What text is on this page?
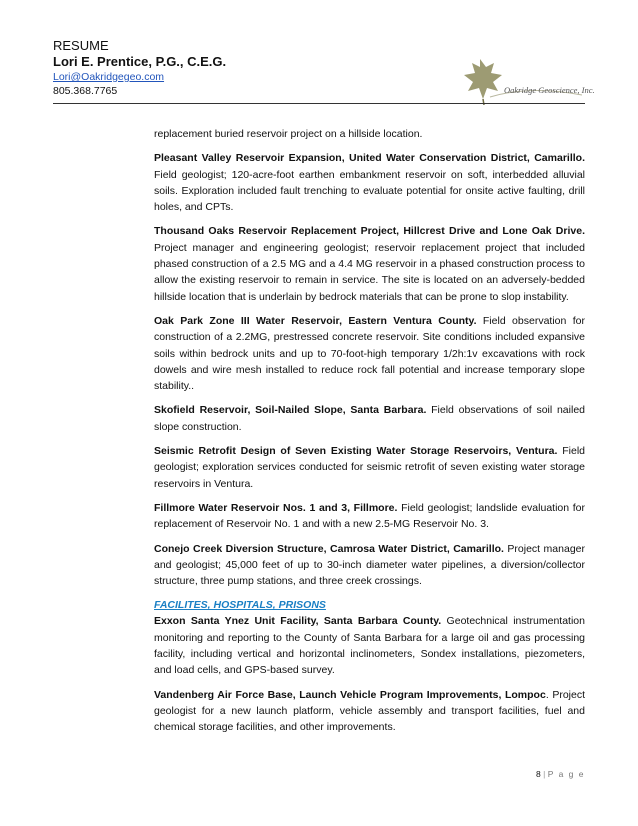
RESUME
Lori E. Prentice, P.G., C.E.G.
Lori@Oakridgegeo.com
805.368.7765	Oakridge Geoscience, Inc.

replacement buried reservoir project on a hillside location.

Pleasant Valley Reservoir Expansion, United Water Conservation District, Camarillo. Field geologist; 120-acre-foot earthen embankment reservoir on soft, interbedded alluvial soils. Exploration included fault trenching to evaluate potential for onsite active faulting, drill holes, and CPTs.

Thousand Oaks Reservoir Replacement Project, Hillcrest Drive and Lone Oak Drive. Project manager and engineering geologist; reservoir replacement project that included phased construction of a 2.5 MG and a 4.4 MG reservoir in a phased construction process to allow the existing reservoir to remain in service. The site is located on an adversely-bedded hillside location that is underlain by bedrock materials that can be prone to slop instability.

Oak Park Zone III Water Reservoir, Eastern Ventura County. Field observation for construction of a 2.2MG, prestressed concrete reservoir. Site conditions included expansive soils within bedrock units and up to 70-foot-high temporary 1/2h:1v excavations with rock dowels and wire mesh installed to reduce rock fall potential and increase temporary slope stability..

Skofield Reservoir, Soil-Nailed Slope, Santa Barbara. Field observations of soil nailed slope construction.

Seismic Retrofit Design of Seven Existing Water Storage Reservoirs, Ventura. Field geologist; exploration services conducted for seismic retrofit of seven existing water storage reservoirs in Ventura.

Fillmore Water Reservoir Nos. 1 and 3, Fillmore. Field geologist; landslide evaluation for replacement of Reservoir No. 1 and with a new 2.5-MG Reservoir No. 3.

Conejo Creek Diversion Structure, Camrosa Water District, Camarillo. Project manager and geologist; 45,000 feet of up to 30-inch diameter water pipelines, a diversion/collector structure, three pump stations, and three creek crossings.

FACILITES, HOSPITALS, PRISONS

Exxon Santa Ynez Unit Facility, Santa Barbara County. Geotechnical instrumentation monitoring and reporting to the County of Santa Barbara for a large oil and gas processing facility, including vertical and horizontal inclinometers, Sondex installations, piezometers, and load cells, and GPS-based survey.

Vandenberg Air Force Base, Launch Vehicle Program Improvements, Lompoc. Project geologist for a new launch platform, vehicle assembly and transport facilities, fuel and chemical storage facilities, and other improvements.

8 | P a g e
